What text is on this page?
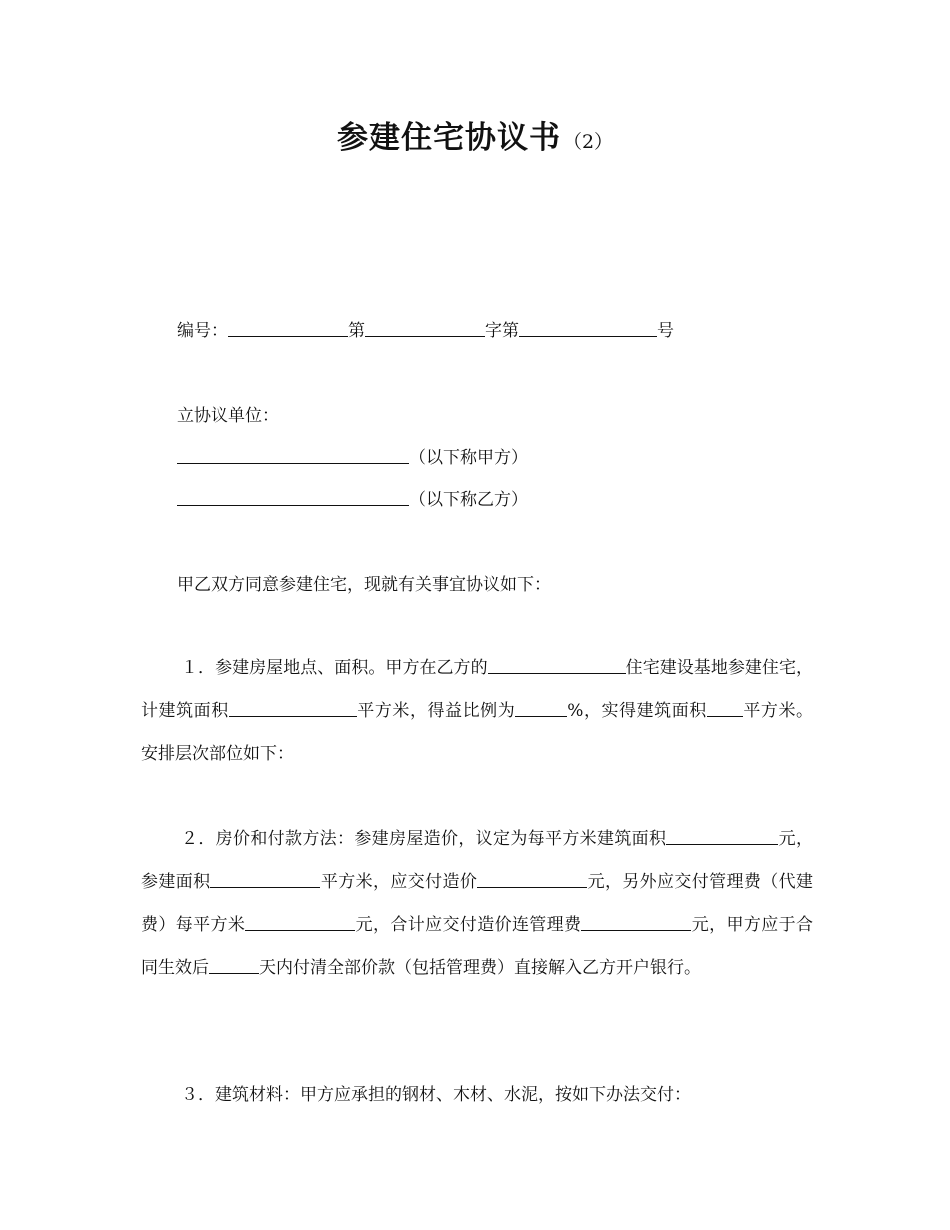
参建住宅协议书 （2）
编号：	第	字第	号
立协议单位：
（以下称甲方）
（以下称乙方）
甲乙双方同意参建住宅，现就有关事宜协议如下：
１．参建房屋地点、面积。甲方在乙方的	住宅建设基地参建住宅，计建筑面积	平方米，得益比例为	%，实得建筑面积 平方米。安排层次部位如下：
２．房价和付款方法：参建房屋造价，议定为每平方米建筑面积	元，参建面积	平方米，应交付造价	元，另外应交付管理费（代建费）每平方米	元，合计应交付造价连管理费	元，甲方应于合同生效后	天内付清全部价款（包括管理费）直接解入乙方开户银行。
３．建筑材料：甲方应承担的钢材、木材、水泥，按如下办法交付：
